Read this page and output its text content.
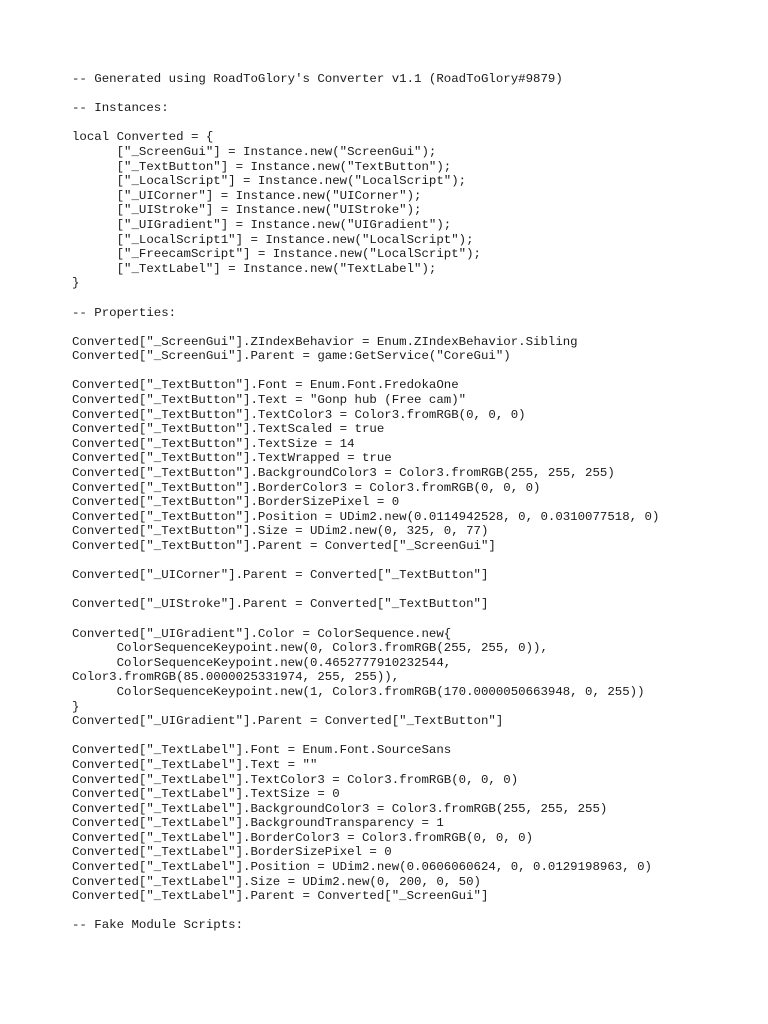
-- Generated using RoadToGlory's Converter v1.1 (RoadToGlory#9879)
-- Instances:
local Converted = {
["_ScreenGui"] = Instance.new("ScreenGui");
["_TextButton"] = Instance.new("TextButton");
["_LocalScript"] = Instance.new("LocalScript");
["_UICorner"] = Instance.new("UICorner");
["_UIStroke"] = Instance.new("UIStroke");
["_UIGradient"] = Instance.new("UIGradient");
["_LocalScript1"] = Instance.new("LocalScript");
["_FreecamScript"] = Instance.new("LocalScript");
["_TextLabel"] = Instance.new("TextLabel");
}
-- Properties:
Converted["_ScreenGui"].ZIndexBehavior = Enum.ZIndexBehavior.Sibling
Converted["_ScreenGui"].Parent = game:GetService("CoreGui")
Converted["_TextButton"].Font = Enum.Font.FredokaOne
Converted["_TextButton"].Text = "Gonp hub (Free cam)"
Converted["_TextButton"].TextColor3 = Color3.fromRGB(0, 0, 0)
Converted["_TextButton"].TextScaled = true
Converted["_TextButton"].TextSize = 14
Converted["_TextButton"].TextWrapped = true
Converted["_TextButton"].BackgroundColor3 = Color3.fromRGB(255, 255, 255)
Converted["_TextButton"].BorderColor3 = Color3.fromRGB(0, 0, 0)
Converted["_TextButton"].BorderSizePixel = 0
Converted["_TextButton"].Position = UDim2.new(0.0114942528, 0, 0.0310077518, 0)
Converted["_TextButton"].Size = UDim2.new(0, 325, 0, 77)
Converted["_TextButton"].Parent = Converted["_ScreenGui"]
Converted["_UICorner"].Parent = Converted["_TextButton"]
Converted["_UIStroke"].Parent = Converted["_TextButton"]
Converted["_UIGradient"].Color = ColorSequence.new{
ColorSequenceKeypoint.new(0, Color3.fromRGB(255, 255, 0)),
ColorSequenceKeypoint.new(0.4652777910232544,
Color3.fromRGB(85.0000025331974, 255, 255)),
ColorSequenceKeypoint.new(1, Color3.fromRGB(170.0000050663948, 0, 255))
}
Converted["_UIGradient"].Parent = Converted["_TextButton"]
Converted["_TextLabel"].Font = Enum.Font.SourceSans
Converted["_TextLabel"].Text = ""
Converted["_TextLabel"].TextColor3 = Color3.fromRGB(0, 0, 0)
Converted["_TextLabel"].TextSize = 0
Converted["_TextLabel"].BackgroundColor3 = Color3.fromRGB(255, 255, 255)
Converted["_TextLabel"].BackgroundTransparency = 1
Converted["_TextLabel"].BorderColor3 = Color3.fromRGB(0, 0, 0)
Converted["_TextLabel"].BorderSizePixel = 0
Converted["_TextLabel"].Position = UDim2.new(0.0606060624, 0, 0.0129198963, 0)
Converted["_TextLabel"].Size = UDim2.new(0, 200, 0, 50)
Converted["_TextLabel"].Parent = Converted["_ScreenGui"]
-- Fake Module Scripts:
